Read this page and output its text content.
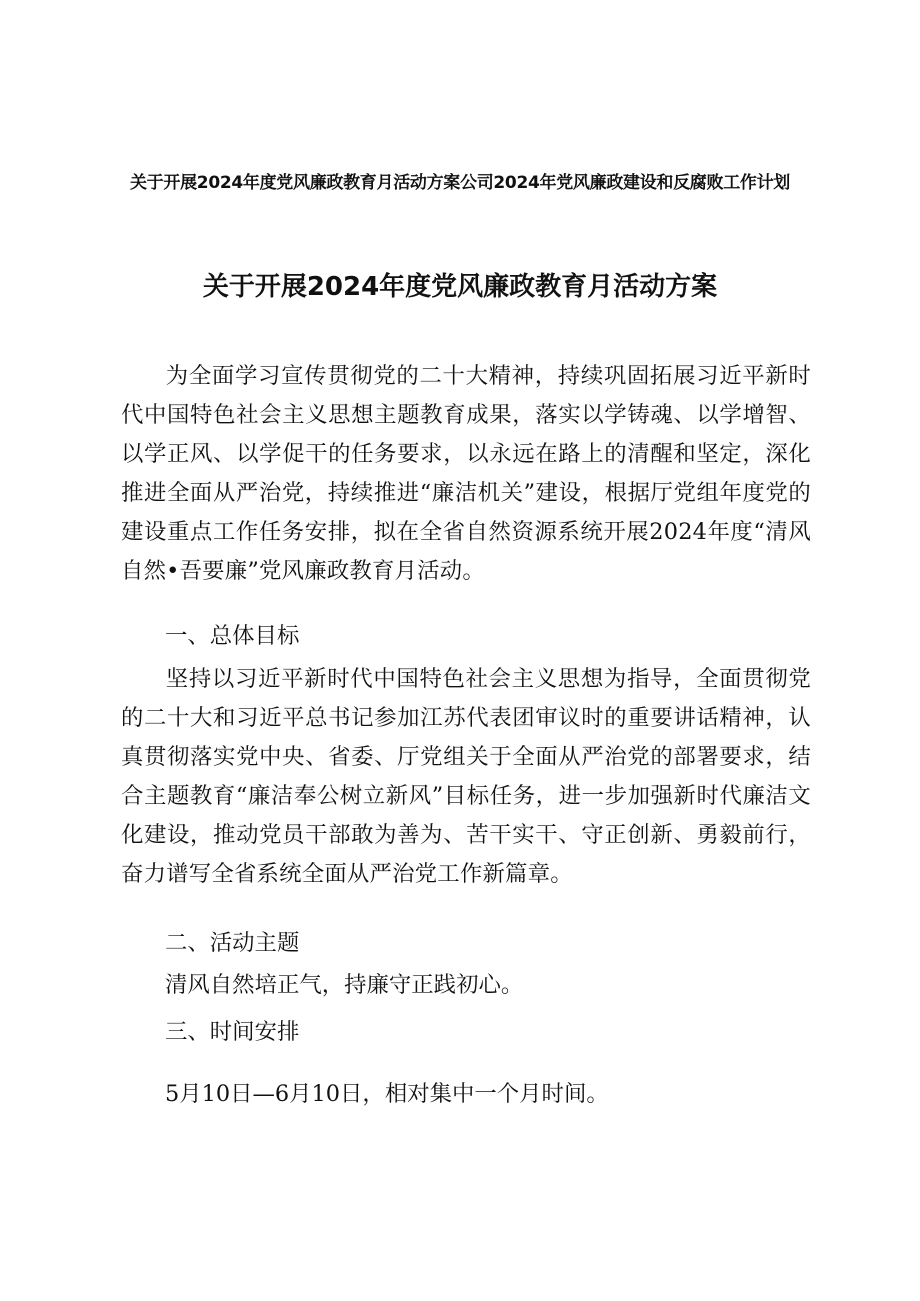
关于开展2024年度党风廉政教育月活动方案公司2024年党风廉政建设和反腐败工作计划
关于开展2024年度党风廉政教育月活动方案

为全面学习宣传贯彻党的二十大精神，持续巩固拓展习近平新时代中国特色社会主义思想主题教育成果，落实以学铸魂、以学增智、以学正风、以学促干的任务要求，以永远在路上的清醒和坚定，深化推进全面从严治党，持续推进“廉洁机关”建设，根据厅党组年度党的建设重点工作任务安排，拟在全省自然资源系统开展2024年度“清风自然•吾要廉”党风廉政教育月活动。

一、总体目标

坚持以习近平新时代中国特色社会主义思想为指导，全面贯彻党的二十大和习近平总书记参加江苏代表团审议时的重要讲话精神，认真贯彻落实党中央、省委、厅党组关于全面从严治党的部署要求，结合主题教育“廉洁奉公树立新风”目标任务，进一步加强新时代廉洁文化建设，推动党员干部敢为善为、苦干实干、守正创新、勇毅前行，奋力谱写全省系统全面从严治党工作新篇章。

二、活动主题
清风自然培正气，持廉守正践初心。
三、时间安排
5月10日—6月10日，相对集中一个月时间。
